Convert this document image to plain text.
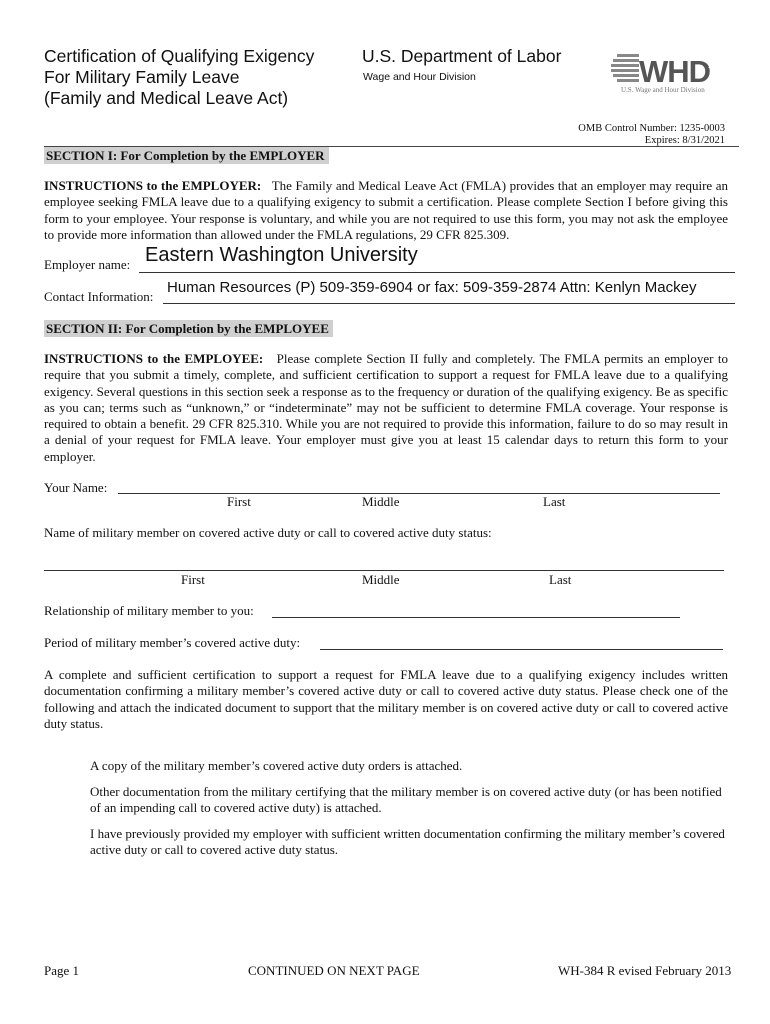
Certification of Qualifying Exigency
For Military Family Leave
(Family and Medical Leave Act)
U.S. Department of Labor
Wage and Hour Division	WHD
U.S. Wage and Hour Division
OMB Control Number: 1235-0003
Expires: 8/31/2021
SECTION I: For Completion by the EMPLOYER
INSTRUCTIONS to the EMPLOYER: The Family and Medical Leave Act (FMLA) provides that an employer may require an employee seeking FMLA leave due to a qualifying exigency to submit a certification. Please complete Section I before giving this form to your employee. Your response is voluntary, and while you are not required to use this form, you may not ask the employee to provide more information than allowed under the FMLA regulations, 29 CFR 825.309.
Employer name: Eastern Washington University
Contact Information:
Human Resources (P) 509-359-6904 or fax: 509-359-2874 Attn: Kenlyn Mackey
SECTION II: For Completion by the EMPLOYEE
INSTRUCTIONS to the EMPLOYEE: Please complete Section II fully and completely. The FMLA permits an employer to require that you submit a timely, complete, and sufficient certification to support a request for FMLA leave due to a qualifying exigency. Several questions in this section seek a response as to the frequency or duration of the qualifying exigency. Be as specific as you can; terms such as “unknown,” or “indeterminate” may not be sufficient to determine FMLA coverage. Your response is required to obtain a benefit. 29 CFR 825.310. While you are not required to provide this information, failure to do so may result in a denial of your request for FMLA leave. Your employer must give you at least 15 calendar days to return this form to your employer.
Your Name:
First	Middle	Last
Name of military member on covered active duty or call to covered active duty status:
First	Middle	Last
Relationship of military member to you:
Period of military member’s covered active duty:
A complete and sufficient certification to support a request for FMLA leave due to a qualifying exigency includes written documentation confirming a military member’s covered active duty or call to covered active duty status. Please check one of the following and attach the indicated document to support that the military member is on covered active duty or call to covered active duty status.
A copy of the military member’s covered active duty orders is attached.
Other documentation from the military certifying that the military member is on covered active duty (or has been notified of an impending call to covered active duty) is attached.
I have previously provided my employer with sufficient written documentation confirming the military member’s covered active duty or call to covered active duty status.
Page 1	CONTINUED ON NEXT PAGE	WH-384 R evised February 2013
